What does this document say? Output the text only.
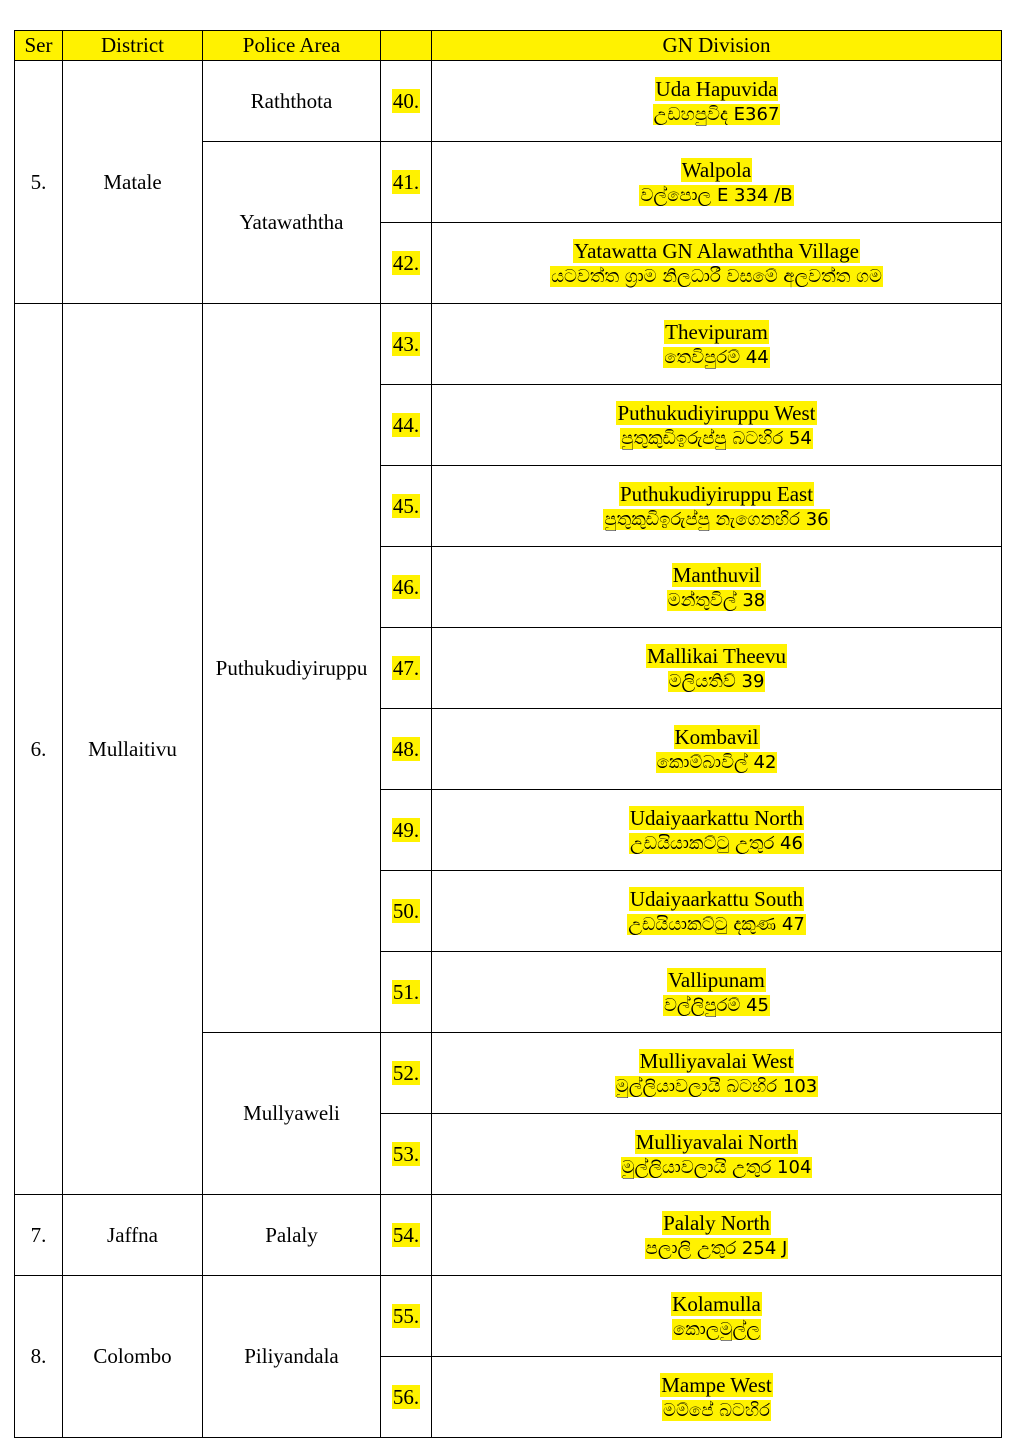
Ser	District	Police Area		GN Division
5.	Matale	Raththota	40.	Uda Hapuvida
උඩහපුවිද E367

		Yatawaththa	41.	Walpola
වල්පොල E 334 /B

			42.	Yatawatta GN Alawaththa Village
යටවත්ත ග්‍රාම නිලධාරී වසමේ අලවත්ත ගම

6.	Mullaitivu	Puthukudiyiruppu	43.	Thevipuram
තෙවිපුරම් 44

			44.	Puthukudiyiruppu West
පුතුකුඩිඉරුප්පු බටහිර 54

			45.	Puthukudiyiruppu East
පුතුකුඩිඉරුප්පු නැගෙනහිර 36

			46.	Manthuvil
මන්තුවිල් 38

			47.	Mallikai Theevu
මලියතිව් 39

			48.	Kombavil
කොම්බාවිල් 42

			49.	Udaiyaarkattu North
උඩයියාකට්ටු උතුර 46

			50.	Udaiyaarkattu South
උඩයියාකට්ටු දකුණ 47

			51.	Vallipunam
වල්ලිපුරම් 45

		Mullyaweli	52.	Mulliyavalai West
මුල්ලියාවලායි බටහිර 103

			53.	Mulliyavalai North
මුල්ලියාවලායි උතුර 104

7.	Jaffna	Palaly	54.	Palaly North
පලාලි උතුර 254 J

8.	Colombo	Piliyandala	55.	Kolamulla
කොලමුල්ල

			56.	Mampe West
මම්පේ බටහිර
